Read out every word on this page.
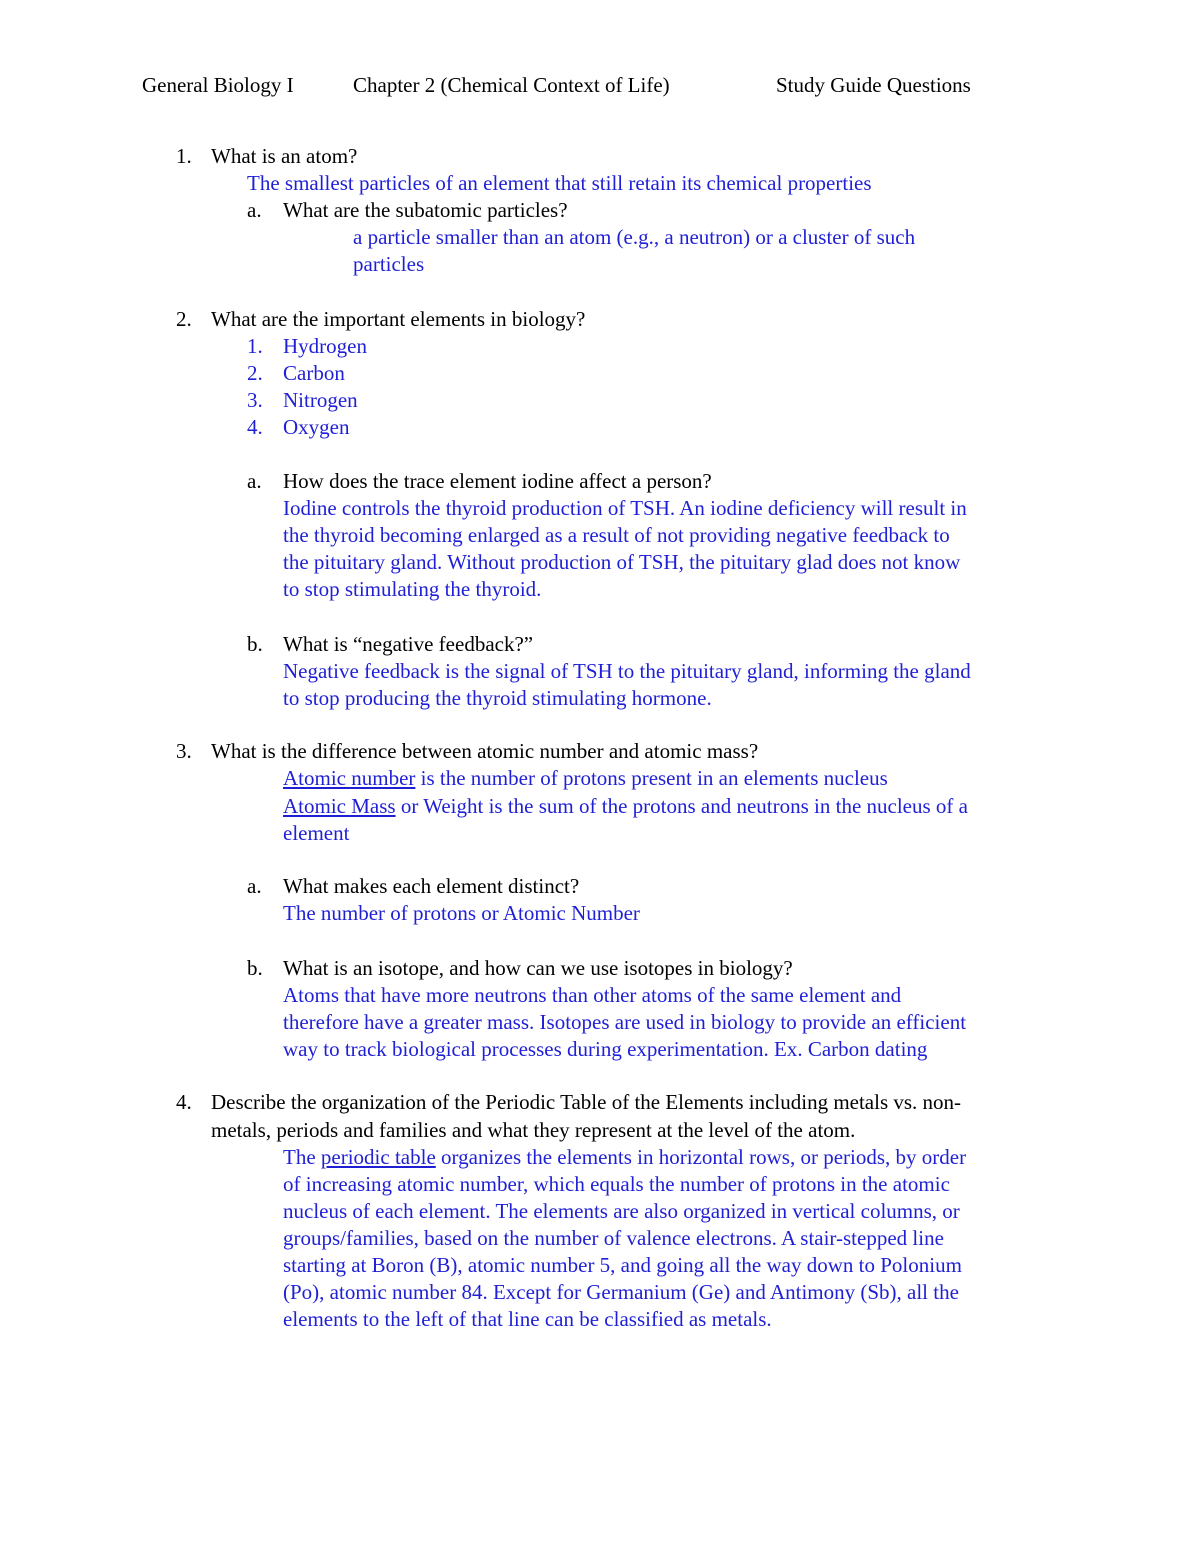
General Biology I	Chapter 2 (Chemical Context of Life)	Study Guide Questions
1. What is an atom?
The smallest particles of an element that still retain its chemical properties
a. What are the subatomic particles?
a particle smaller than an atom (e.g., a neutron) or a cluster of such
particles
2. What are the important elements in biology?
1. Hydrogen
2. Carbon
3. Nitrogen
4. Oxygen
a. How does the trace element iodine affect a person?
Iodine controls the thyroid production of TSH. An iodine deficiency will result in
the thyroid becoming enlarged as a result of not providing negative feedback to
the pituitary gland. Without production of TSH, the pituitary glad does not know
to stop stimulating the thyroid.
b. What is “negative feedback?”
Negative feedback is the signal of TSH to the pituitary gland, informing the gland
to stop producing the thyroid stimulating hormone.
3. What is the difference between atomic number and atomic mass?
Atomic number is the number of protons present in an elements nucleus
Atomic Mass or Weight is the sum of the protons and neutrons in the nucleus of a
element
a. What makes each element distinct?
The number of protons or Atomic Number
b. What is an isotope, and how can we use isotopes in biology?
Atoms that have more neutrons than other atoms of the same element and
therefore have a greater mass. Isotopes are used in biology to provide an efficient
way to track biological processes during experimentation. Ex. Carbon dating
4. Describe the organization of the Periodic Table of the Elements including metals vs. non-
metals, periods and families and what they represent at the level of the atom.
The periodic table organizes the elements in horizontal rows, or periods, by order
of increasing atomic number, which equals the number of protons in the atomic
nucleus of each element. The elements are also organized in vertical columns, or
groups/families, based on the number of valence electrons. A stair-stepped line
starting at Boron (B), atomic number 5, and going all the way down to Polonium
(Po), atomic number 84. Except for Germanium (Ge) and Antimony (Sb), all the
elements to the left of that line can be classified as metals.
